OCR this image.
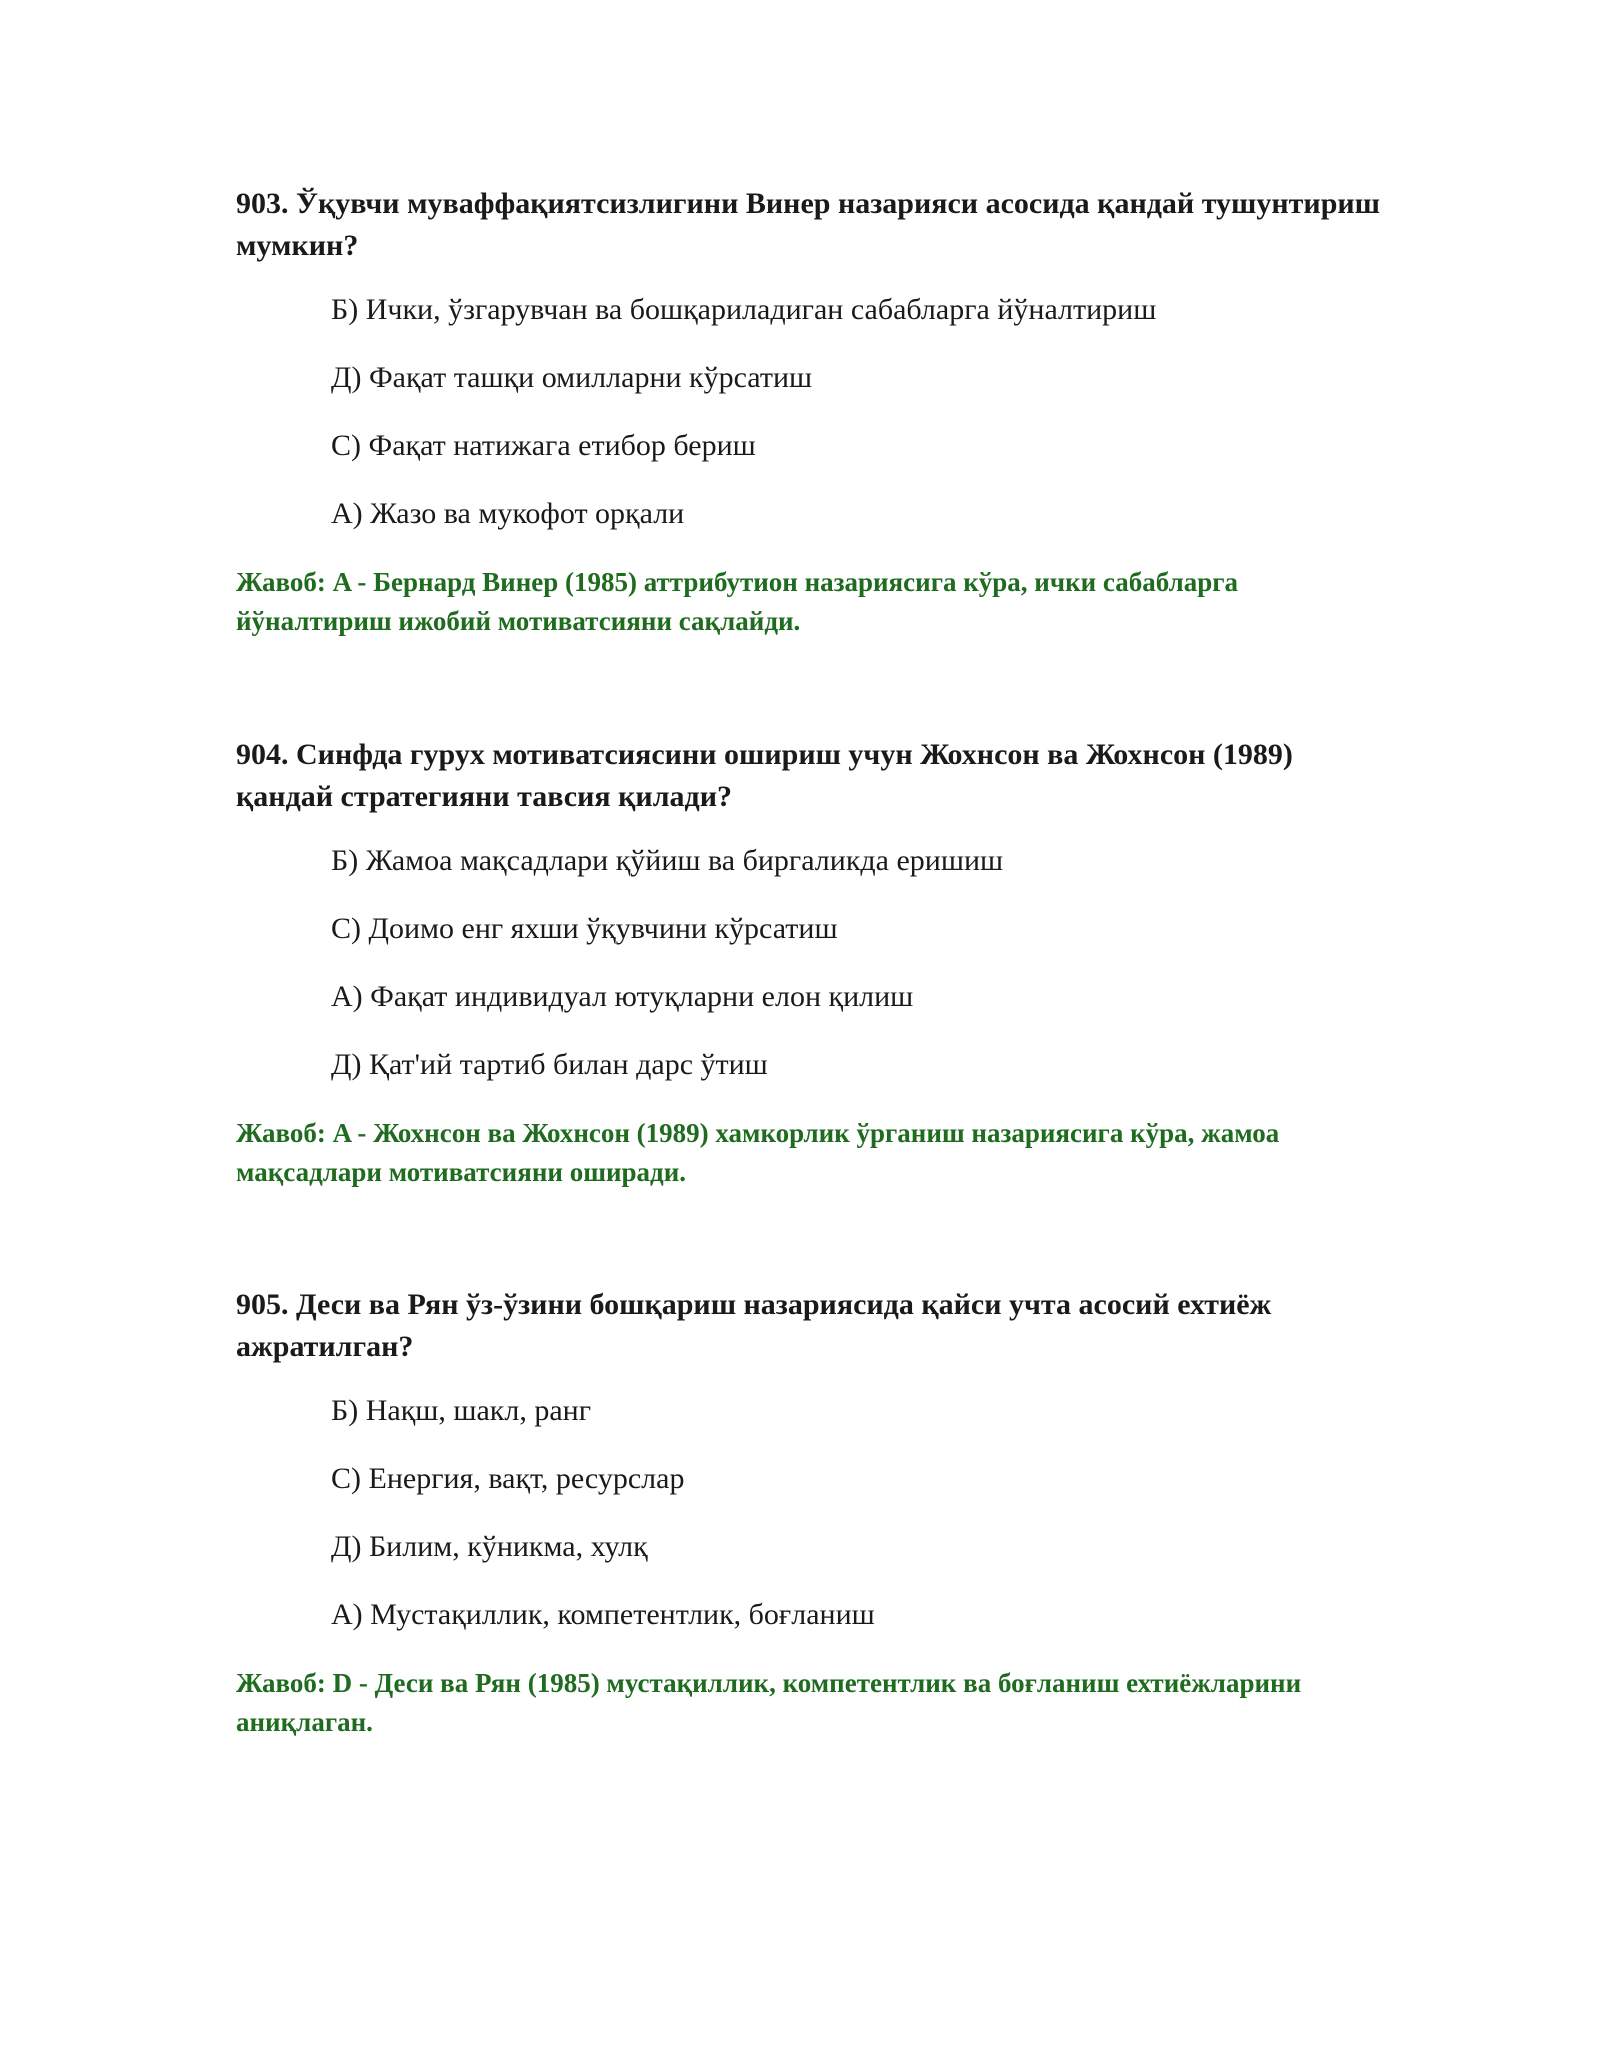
903. Ўқувчи муваффақиятсизлигини Винер назарияси асосида қандай тушунтириш мумкин?

Б) Ички, ўзгарувчан ва бошқариладиган сабабларга йўналтириш
Д) Фақат ташқи омилларни кўрсатиш
С) Фақат натижага етибор бериш
А) Жазо ва мукофот орқали
Жавоб: A - Бернард Винер (1985) аттрибутион назариясига кўра, ички сабабларга йўналтириш ижобий мотиватсияни сақлайди.

904. Синфда гурух мотиватсиясини ошириш учун Жохнсон ва Жохнсон (1989) қандай стратегияни тавсия қилади?

Б) Жамоа мақсадлари қўйиш ва биргаликда еришиш
С) Доимо енг яхши ўқувчини кўрсатиш
А) Фақат индивидуал ютуқларни елон қилиш
Д) Қат'ий тартиб билан дарс ўтиш
Жавоб: A - Жохнсон ва Жохнсон (1989) хамкорлик ўрганиш назариясига кўра, жамоа мақсадлари мотиватсияни оширади.

905. Деси ва Рян ўз-ўзини бошқариш назариясида қайси учта асосий ехтиёж ажратилган?

Б) Нақш, шакл, ранг
С) Енергия, вақт, ресурслар
Д) Билим, кўникма, хулқ
А) Мустақиллик, компетентлик, боғланиш
Жавоб: D - Деси ва Рян (1985) мустақиллик, компетентлик ва боғланиш ехтиёжларини аниқлаган.
